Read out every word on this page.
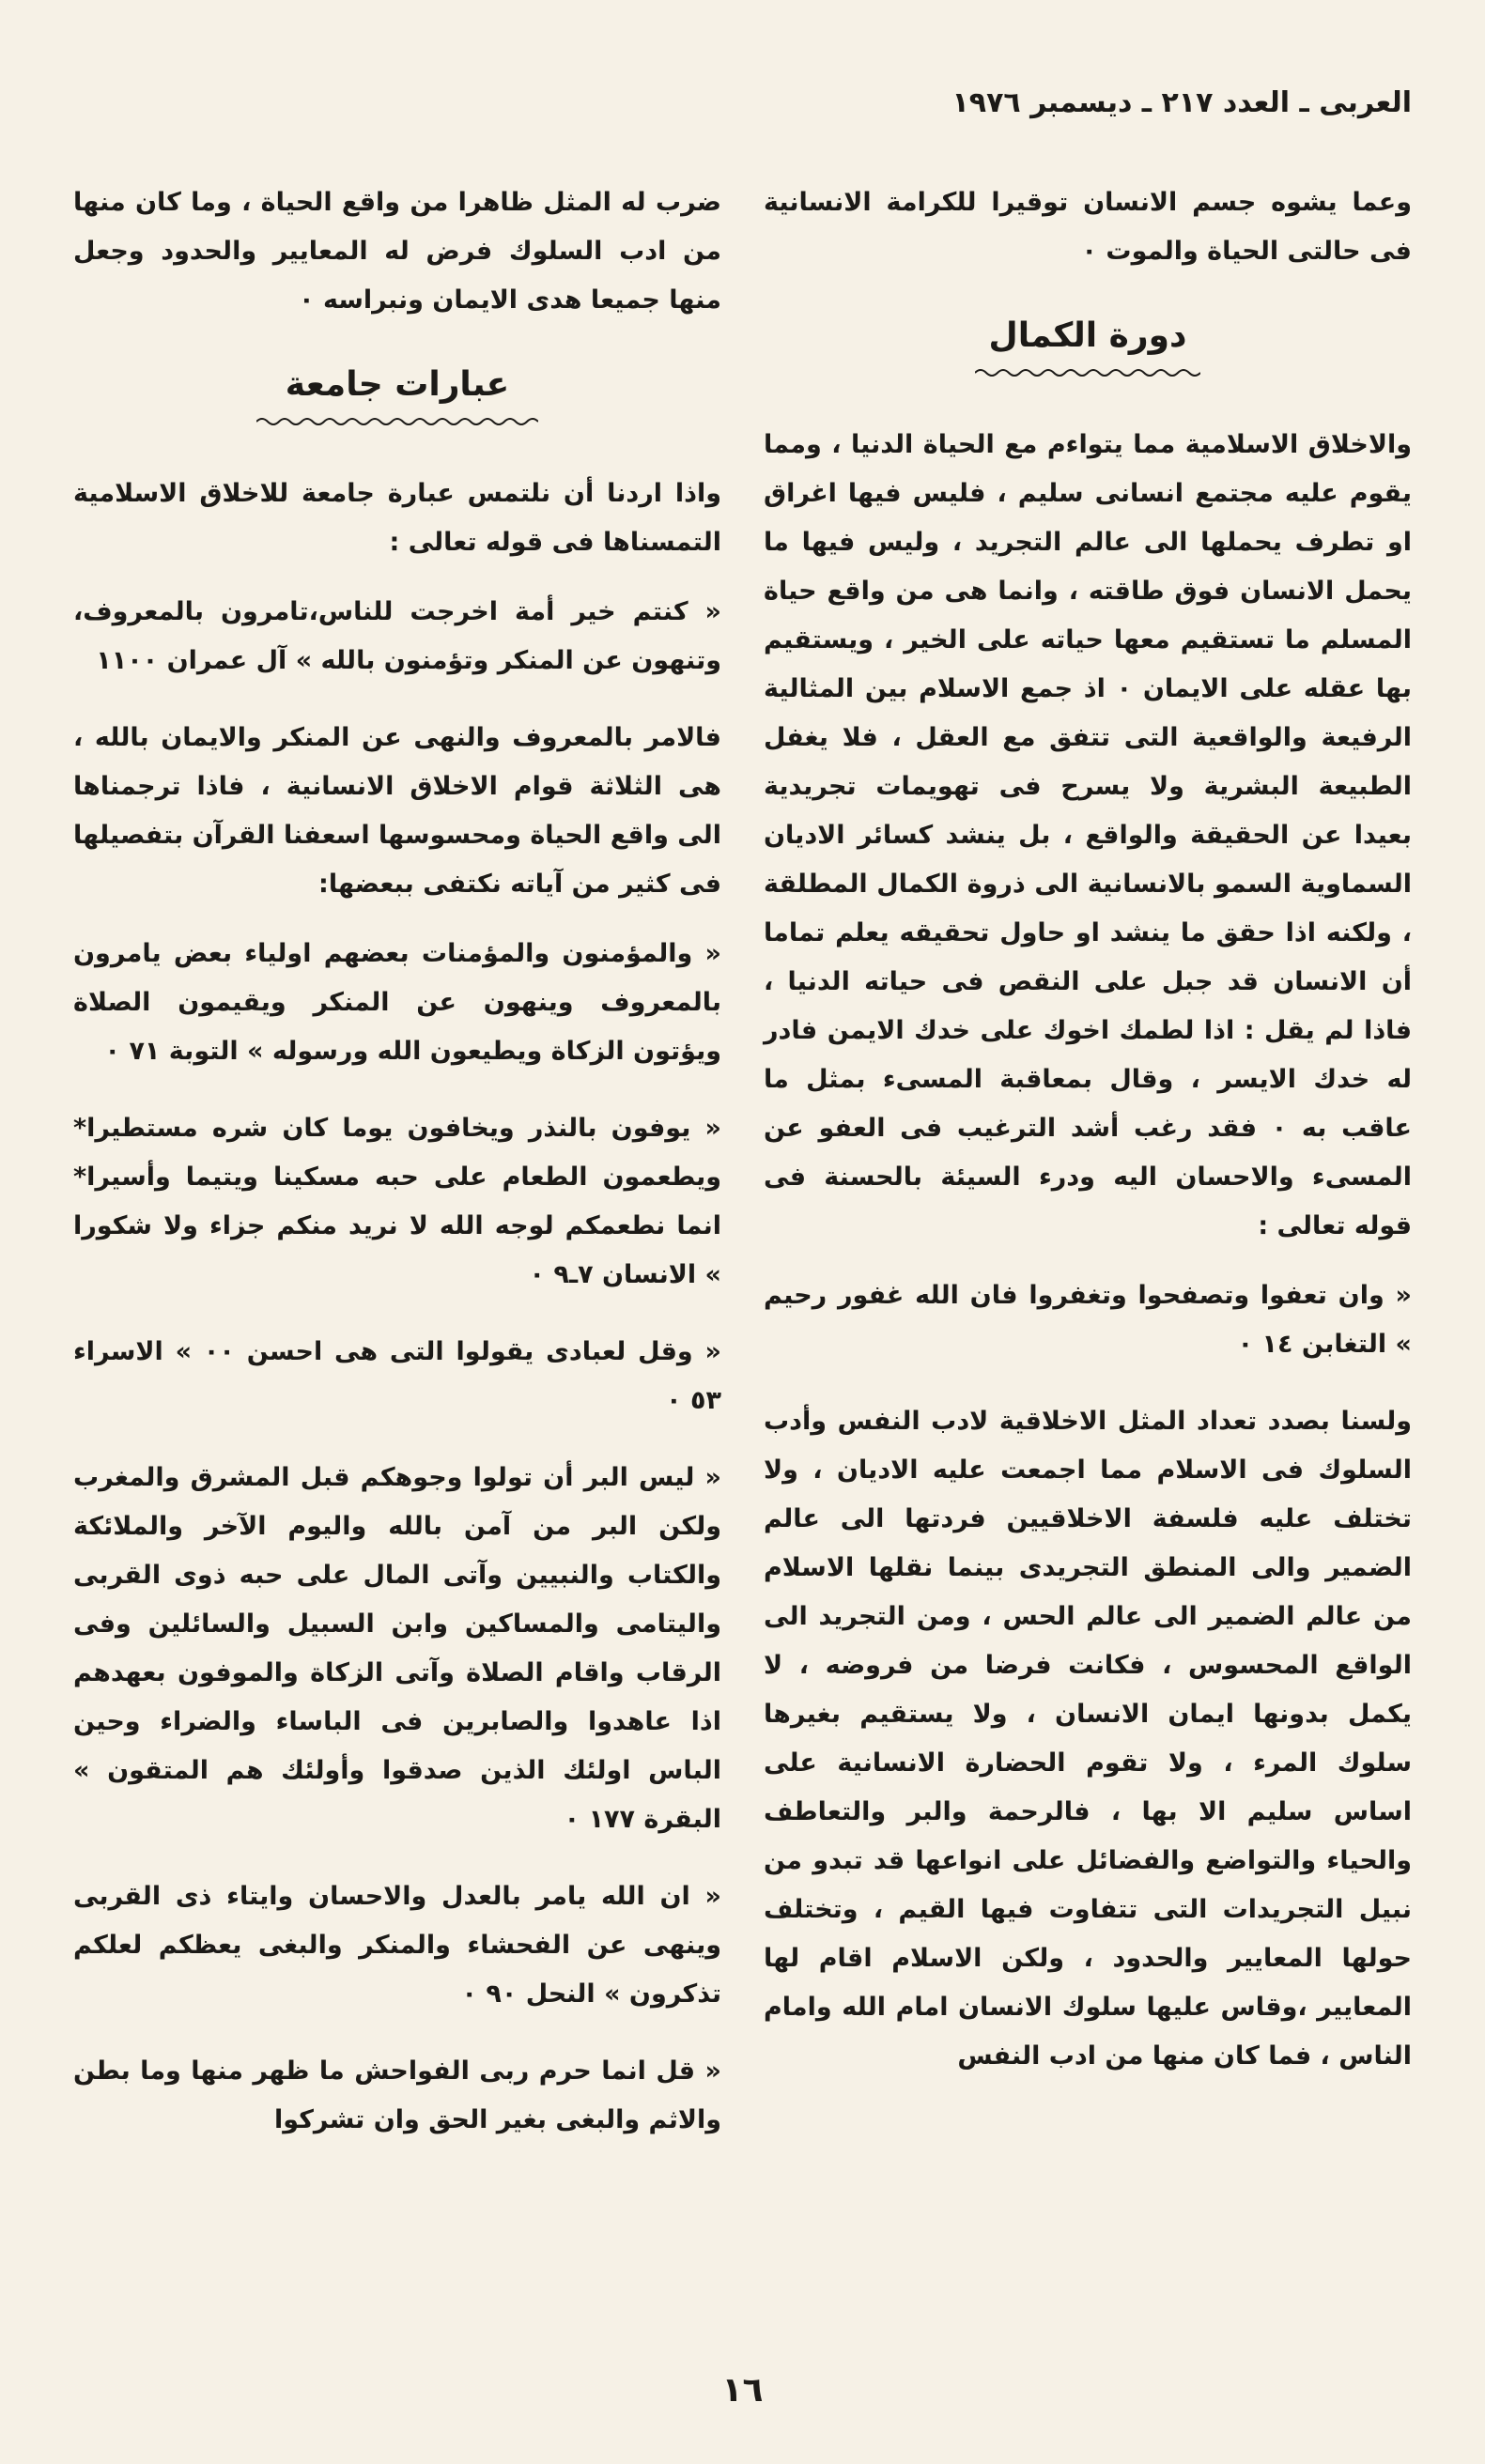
العربى ـ العدد ٢١٧ ـ ديسمبر ١٩٧٦

وعما يشوه جسم الانسان توقيرا للكرامة الانسانية فى حالتى الحياة والموت ٠

دورة الكمال

والاخلاق الاسلامية مما يتواءم مع الحياة الدنيا ، ومما يقوم عليه مجتمع انسانى سليم ، فليس فيها اغراق او تطرف يحملها الى عالم التجريد ، وليس فيها ما يحمل الانسان فوق طاقته ، وانما هى من واقع حياة المسلم ما تستقيم معها حياته على الخير ، ويستقيم بها عقله على الايمان ٠ اذ جمع الاسلام بين المثالية الرفيعة والواقعية التى تتفق مع العقل ، فلا يغفل الطبيعة البشرية ولا يسرح فى تهويمات تجريدية بعيدا عن الحقيقة والواقع ، بل ينشد كسائر الاديان السماوية السمو بالانسانية الى ذروة الكمال المطلقة ، ولكنه اذا حقق ما ينشد او حاول تحقيقه يعلم تماما أن الانسان قد جبل على النقص فى حياته الدنيا ، فاذا لم يقل : اذا لطمك اخوك على خدك الايمن فادر له خدك الايسر ، وقال بمعاقبة المسىء بمثل ما عاقب به ٠ فقد رغب أشد الترغيب فى العفو عن المسىء والاحسان اليه ودرء السيئة بالحسنة فى قوله تعالى :

« وان تعفوا وتصفحوا وتغفروا فان الله غفور رحيم » التغابن ١٤ ٠

ولسنا بصدد تعداد المثل الاخلاقية لادب النفس وأدب السلوك فى الاسلام مما اجمعت عليه الاديان ، ولا تختلف عليه فلسفة الاخلاقيين فردتها الى عالم الضمير والى المنطق التجريدى بينما نقلها الاسلام من عالم الضمير الى عالم الحس ، ومن التجريد الى الواقع المحسوس ، فكانت فرضا من فروضه ، لا يكمل بدونها ايمان الانسان ، ولا يستقيم بغيرها سلوك المرء ، ولا تقوم الحضارة الانسانية على اساس سليم الا بها ، فالرحمة والبر والتعاطف والحياء والتواضع والفضائل على انواعها قد تبدو من نبيل التجريدات التى تتفاوت فيها القيم ، وتختلف حولها المعايير والحدود ، ولكن الاسلام اقام لها المعايير ،وقاس عليها سلوك الانسان امام الله وامام الناس ، فما كان منها من ادب النفس

ضرب له المثل ظاهرا من واقع الحياة ، وما كان منها من ادب السلوك فرض له المعايير والحدود وجعل منها جميعا هدى الايمان ونبراسه ٠

عبارات جامعة

واذا اردنا أن نلتمس عبارة جامعة للاخلاق الاسلامية التمسناها فى قوله تعالى :

« كنتم خير أمة اخرجت للناس،تامرون بالمعروف، وتنهون عن المنكر وتؤمنون بالله » آل عمران ١١٠٠

فالامر بالمعروف والنهى عن المنكر والايمان بالله ، هى الثلاثة قوام الاخلاق الانسانية ، فاذا ترجمناها الى واقع الحياة ومحسوسها اسعفنا القرآن بتفصيلها فى كثير من آياته نكتفى ببعضها:

« والمؤمنون والمؤمنات بعضهم اولياء بعض يامرون بالمعروف وينهون عن المنكر ويقيمون الصلاة ويؤتون الزكاة ويطيعون الله ورسوله » التوبة ٧١ ٠

« يوفون بالنذر ويخافون يوما كان شره مستطيرا* ويطعمون الطعام على حبه مسكينا ويتيما وأسيرا* انما نطعمكم لوجه الله لا نريد منكم جزاء ولا شكورا » الانسان ٧ـ٩ ٠

« وقل لعبادى يقولوا التى هى احسن ٠٠ » الاسراء ٥٣ ٠

« ليس البر أن تولوا وجوهكم قبل المشرق والمغرب ولكن البر من آمن بالله واليوم الآخر والملائكة والكتاب والنبيين وآتى المال على حبه ذوى القربى واليتامى والمساكين وابن السبيل والسائلين وفى الرقاب واقام الصلاة وآتى الزكاة والموفون بعهدهم اذا عاهدوا والصابرين فى الباساء والضراء وحين الباس اولئك الذين صدقوا وأولئك هم المتقون » البقرة ١٧٧ ٠

« ان الله يامر بالعدل والاحسان وايتاء ذى القربى وينهى عن الفحشاء والمنكر والبغى يعظكم لعلكم تذكرون » النحل ٩٠ ٠

« قل انما حرم ربى الفواحش ما ظهر منها وما بطن والاثم والبغى بغير الحق وان تشركوا

١٦
